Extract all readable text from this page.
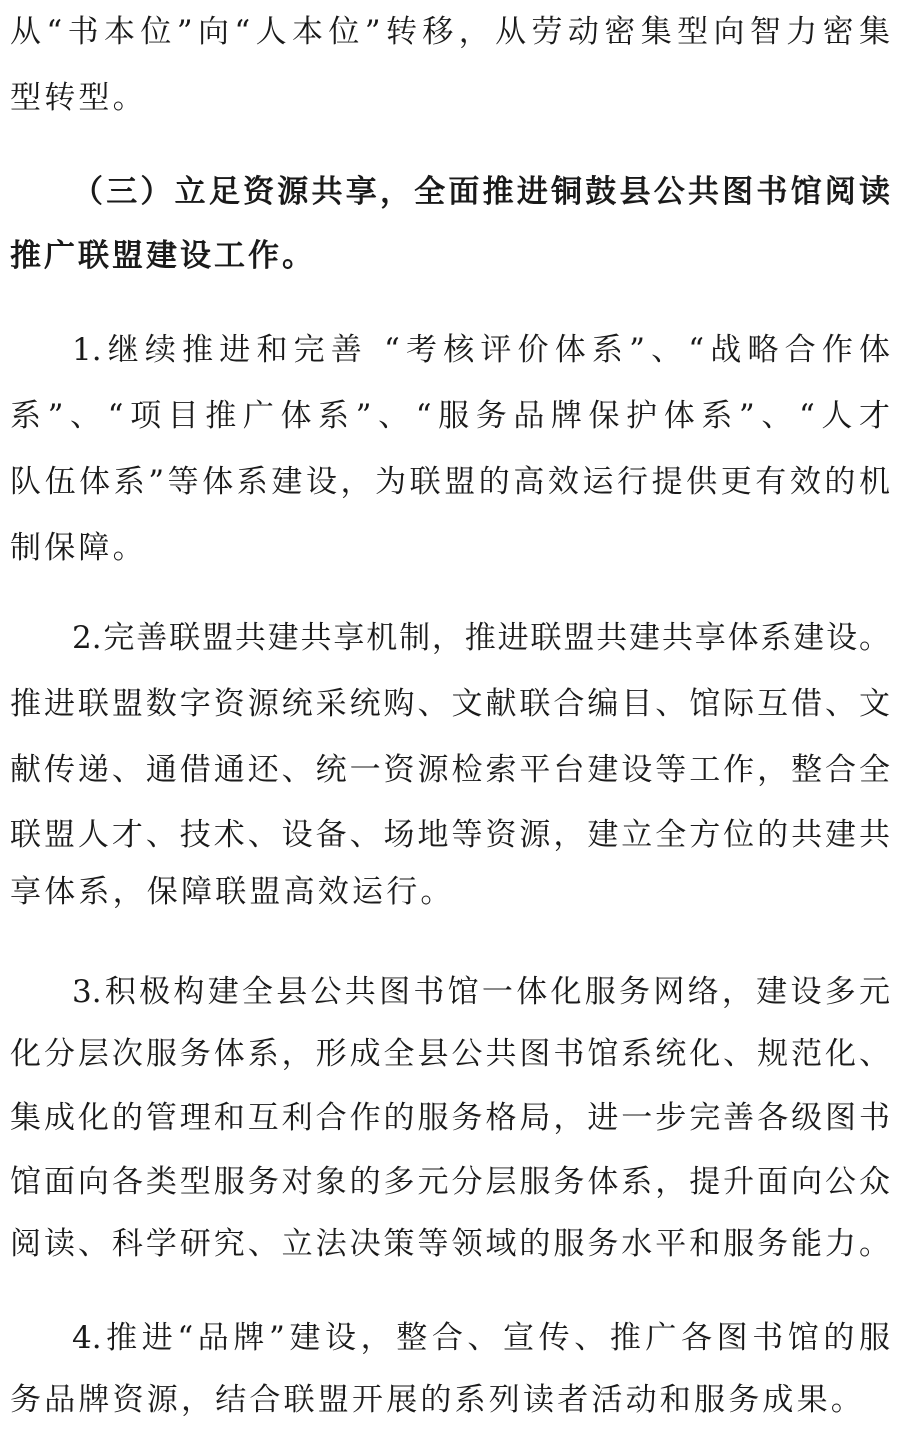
从“书本位”向“人本位”转移，从劳动密集型向智力密集
型转型。
（三）立足资源共享，全面推进铜鼓县公共图书馆阅读
推广联盟建设工作。
1.继续推进和完善 “考核评价体系”、“战略合作体
系”、“项目推广体系”、“服务品牌保护体系”、“人才
队伍体系”等体系建设，为联盟的高效运行提供更有效的机
制保障。
2.完善联盟共建共享机制，推进联盟共建共享体系建设。
推进联盟数字资源统采统购、文献联合编目、馆际互借、文
献传递、通借通还、统一资源检索平台建设等工作，整合全
联盟人才、技术、设备、场地等资源，建立全方位的共建共
享体系，保障联盟高效运行。
3.积极构建全县公共图书馆一体化服务网络，建设多元
化分层次服务体系，形成全县公共图书馆系统化、规范化、
集成化的管理和互利合作的服务格局，进一步完善各级图书
馆面向各类型服务对象的多元分层服务体系，提升面向公众
阅读、科学研究、立法决策等领域的服务水平和服务能力。
4.推进“品牌”建设，整合、宣传、推广各图书馆的服
务品牌资源，结合联盟开展的系列读者活动和服务成果。
